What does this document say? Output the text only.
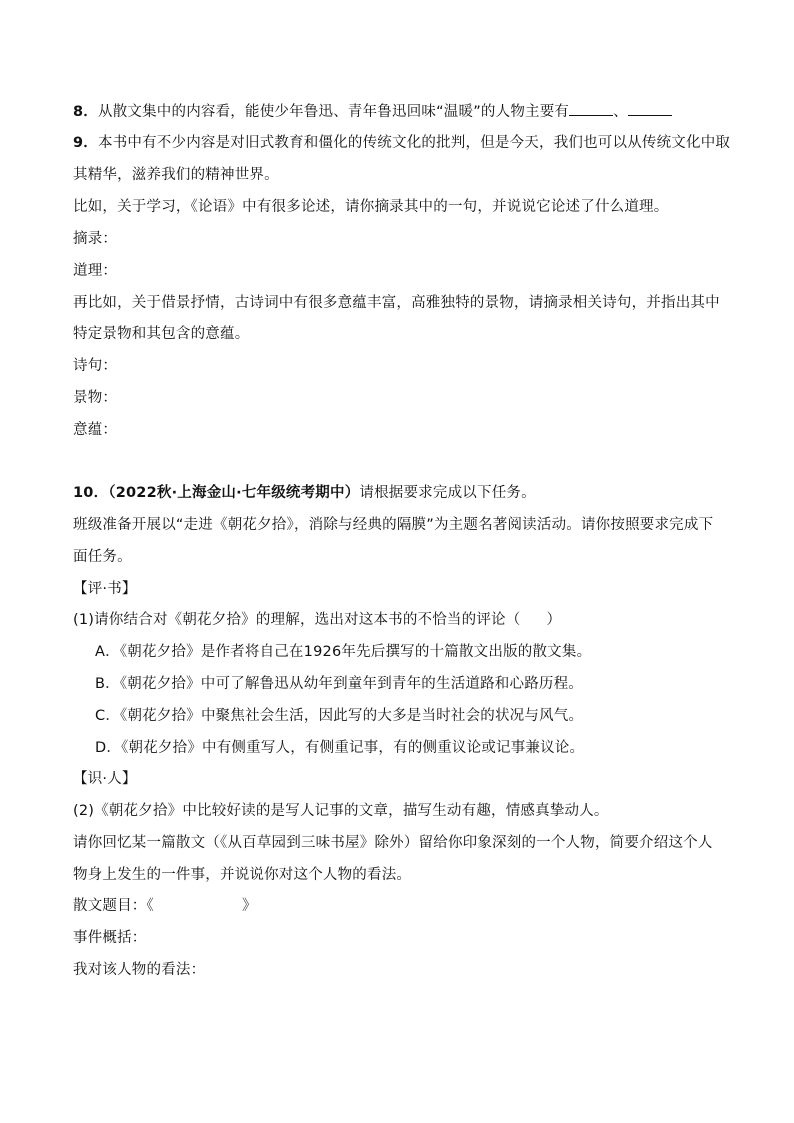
8．从散文集中的内容看，能使少年鲁迅、青年鲁迅回味“温暖”的人物主要有	、
9．本书中有不少内容是对旧式教育和僵化的传统文化的批判，但是今天，我们也可以从传统文化中取
其精华，滋养我们的精神世界。
比如，关于学习，《论语》中有很多论述，请你摘录其中的一句，并说说它论述了什么道理。
摘录：
道理：
再比如，关于借景抒情，古诗词中有很多意蕴丰富，高雅独特的景物，请摘录相关诗句，并指出其中
特定景物和其包含的意蕴。
诗句：
景物：
意蕴：
10．（2022秋·上海金山·七年级统考期中）请根据要求完成以下任务。
班级准备开展以“走进《朝花夕拾》，消除与经典的隔膜”为主题名著阅读活动。请你按照要求完成下
面任务。
【评·书】
(1)请你结合对《朝花夕拾》的理解，选出对这本书的不恰当的评论（ ）
A．《朝花夕拾》是作者将自己在1926年先后撰写的十篇散文出版的散文集。
B．《朝花夕拾》中可了解鲁迅从幼年到童年到青年的生活道路和心路历程。
C．《朝花夕拾》中聚焦社会生活，因此写的大多是当时社会的状况与风气。
D．《朝花夕拾》中有侧重写人，有侧重记事，有的侧重议论或记事兼议论。
【识·人】
(2)《朝花夕拾》中比较好读的是写人记事的文章，描写生动有趣，情感真挚动人。
请你回忆某一篇散文（《从百草园到三味书屋》除外）留给你印象深刻的一个人物，简要介绍这个人
物身上发生的一件事，并说说你对这个人物的看法。
散文题目：《	》
事件概括：
我对该人物的看法：
